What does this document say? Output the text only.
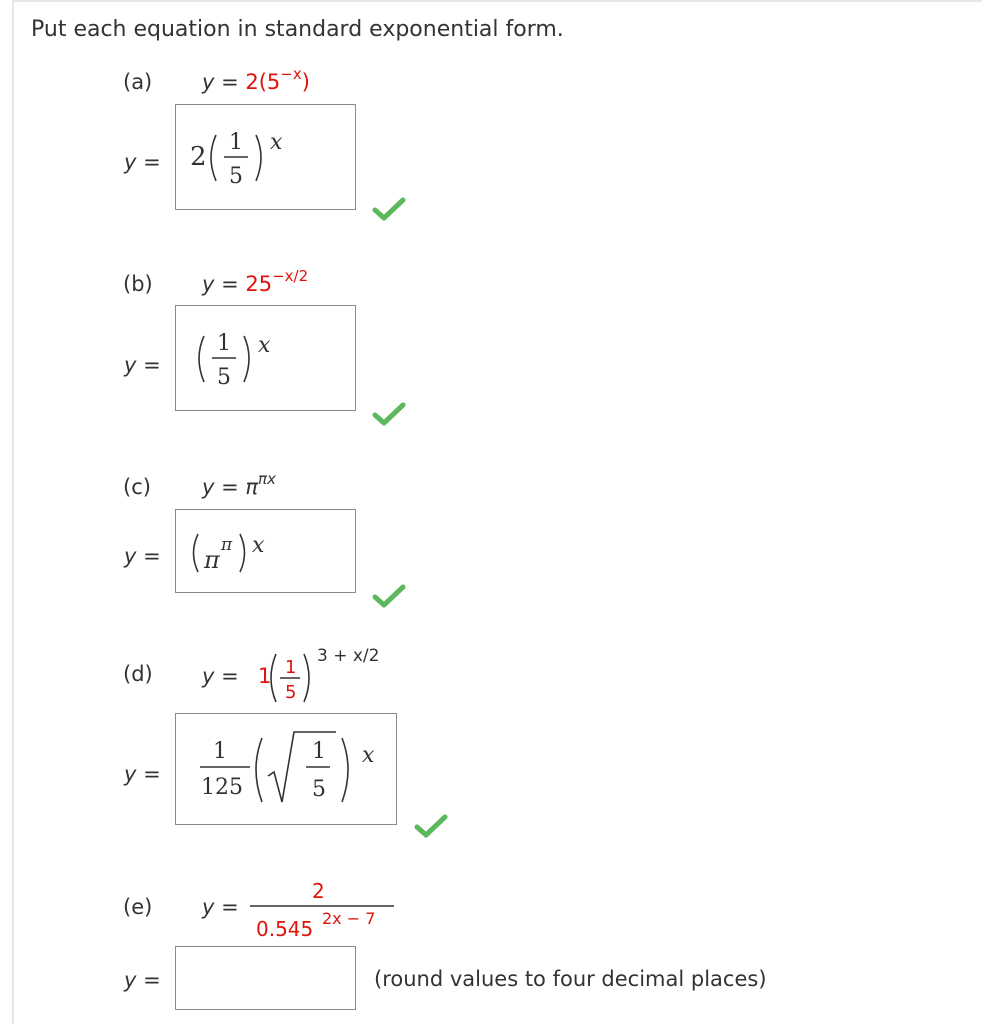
Put each equation in standard exponential form.
(a) $y = 2(5^{-x})$
y = 2 1
5
x
(b) $y = 25^{-x/2}$
y =
1
5
x
(c) $y = \pi^{\pi x}$
y = π
π x
(d) y = 1 1
5
3 + x/2
y =
1
125
1
5
x
(e) y =
2
0.545 2x − 7
y =	(round values to four decimal places)
